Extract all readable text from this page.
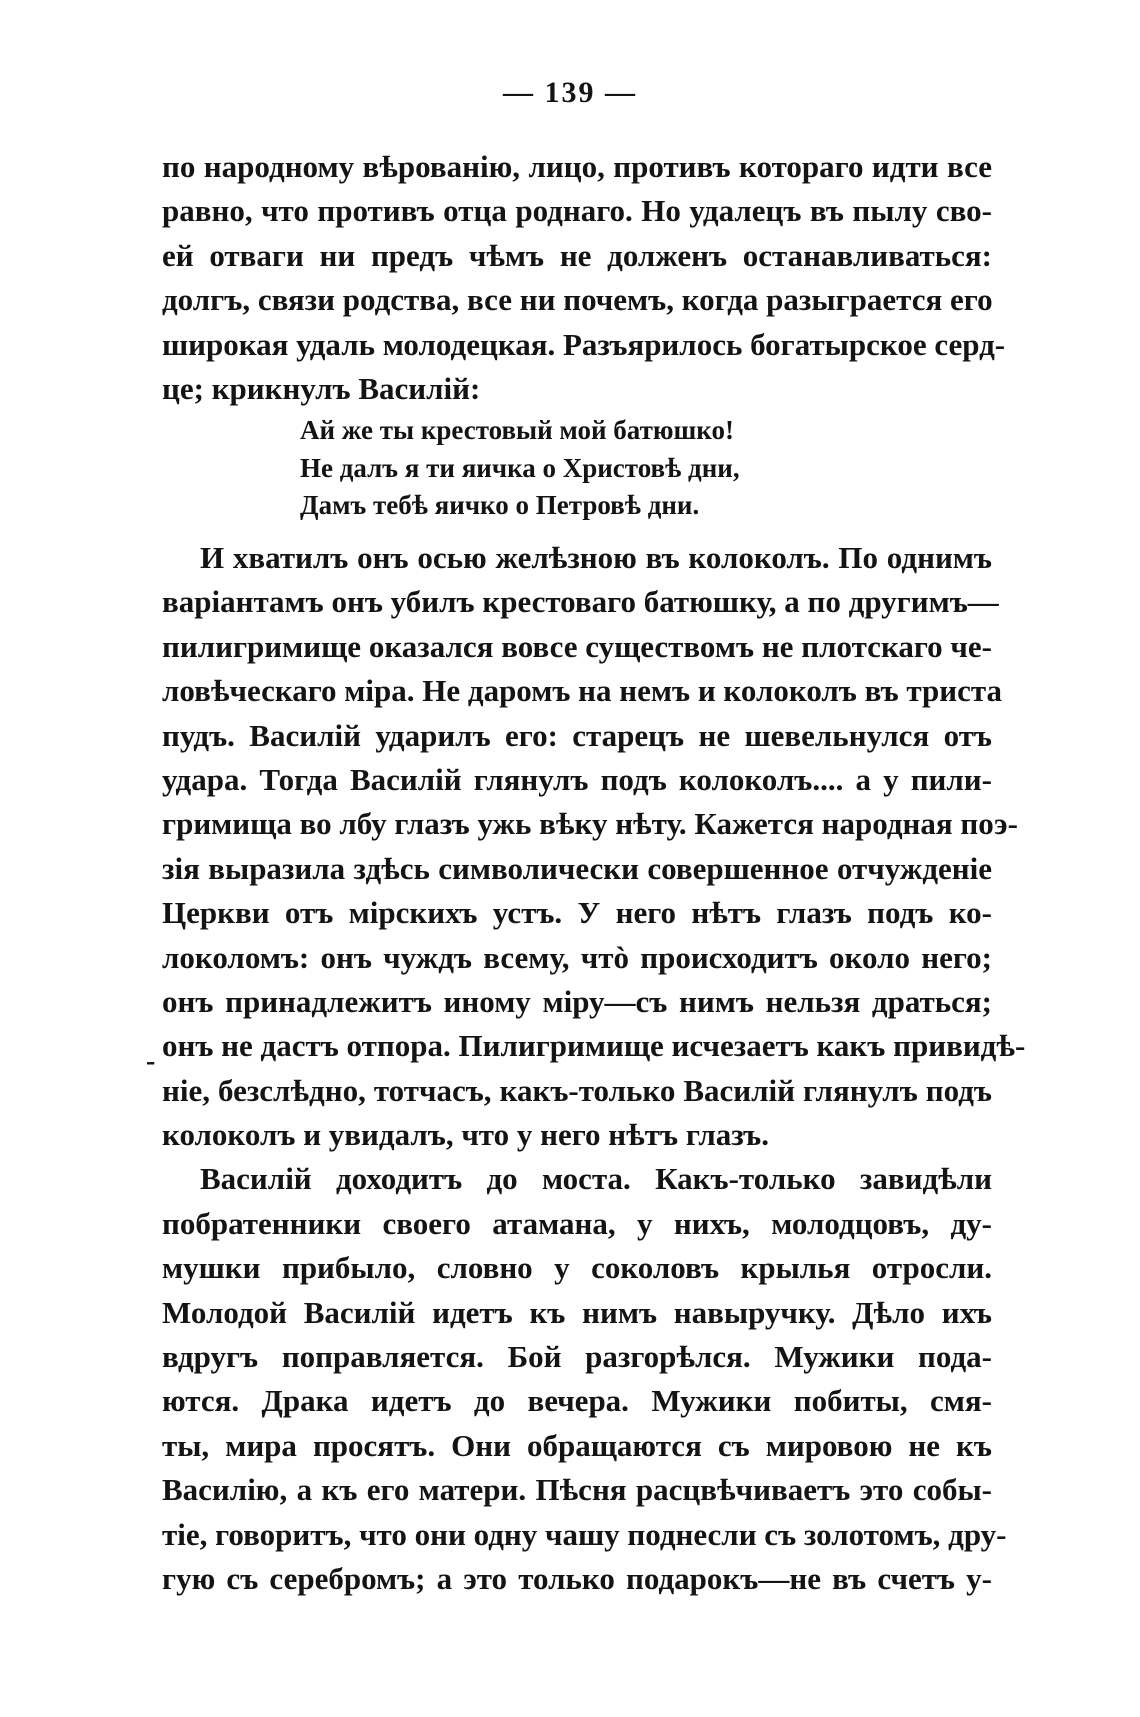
— 139 —
по народному вѣрованію, лицо, противъ котораго идти все
равно, что противъ отца роднаго. Но удалецъ въ пылу сво-
ей отваги ни предъ чѣмъ не долженъ останавливаться:
долгъ, связи родства, все ни почемъ, когда разыграется его
широкая удаль молодецкая. Разъярилось богатырское серд-
це; крикнулъ Василій:
Ай же ты крестовый мой батюшко!
Не далъ я ти яичка о Христовѣ дни,
Дамъ тебѣ яичко о Петровѣ дни.
И хватилъ онъ осью желѣзною въ колоколъ. По однимъ
варіантамъ онъ убилъ крестоваго батюшку, а по другимъ—
пилигримище оказался вовсе существомъ не плотскаго че-
ловѣческаго міра. Не даромъ на немъ и колоколъ въ триста
пудъ. Василій ударилъ его: старецъ не шевельнулся отъ
удара. Тогда Василій глянулъ подъ колоколъ.... а у пили-
гримища во лбу глазъ ужь вѣку нѣту. Кажется народная поэ-
зія выразила здѣсь символически совершенное отчужденіе
Церкви отъ мірскихъ устъ. У него нѣтъ глазъ подъ ко-
локоломъ: онъ чуждъ всему, чтò происходитъ около него;
онъ принадлежитъ иному міру—съ нимъ нельзя драться;
онъ не дастъ отпора. Пилигримище исчезаетъ какъ привидѣ-
ніе, безслѣдно, тотчасъ, какъ-только Василій глянулъ подъ
колоколъ и увидалъ, что у него нѣтъ глазъ.
Василій доходитъ до моста. Какъ-только завидѣли
побратенники своего атамана, у нихъ, молодцовъ, ду-
мушки прибыло, словно у соколовъ крылья отросли.
Молодой Василій идетъ къ нимъ навыручку. Дѣло ихъ
вдругъ поправляется. Бой разгорѣлся. Мужики пода-
ются. Драка идетъ до вечера. Мужики побиты, смя-
ты, мира просятъ. Они обращаются съ мировою не къ
Василію, а къ его матери. Пѣсня расцвѣчиваетъ это собы-
тіе, говоритъ, что они одну чашу поднесли съ золотомъ, дру-
гую съ серебромъ; а это только подарокъ—не въ счетъ у-
-
